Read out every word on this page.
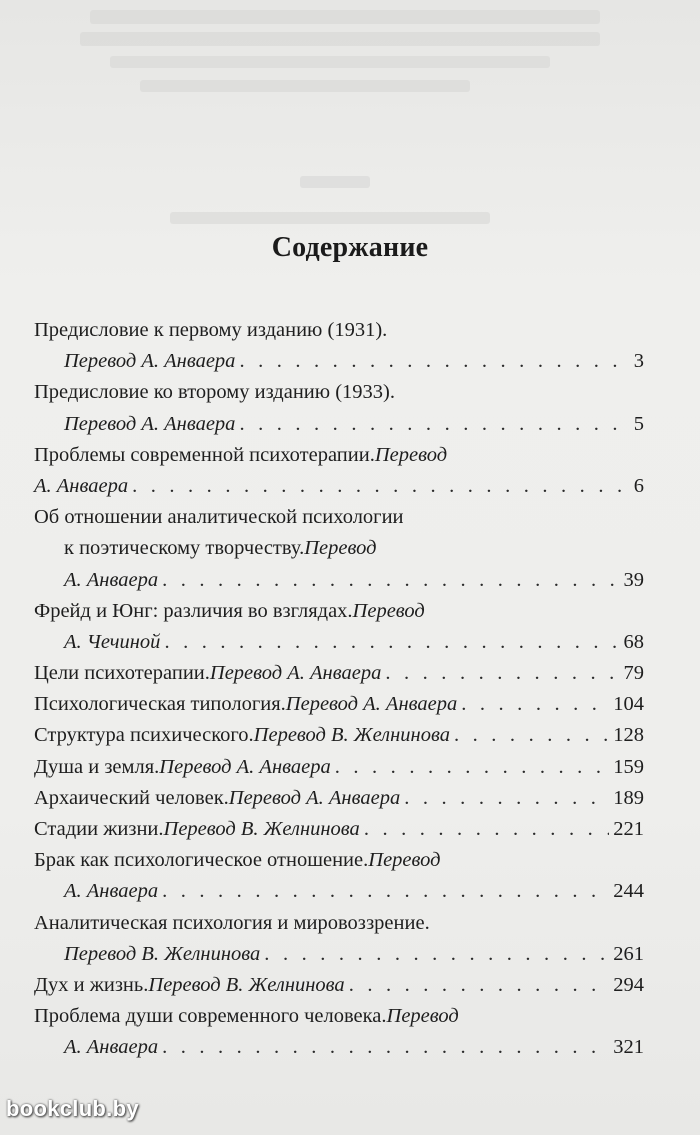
Содержание
Предисловие к первому изданию (1931).
Перевод А. Анваера . . .	3
Предисловие ко второму изданию (1933).
Перевод А. Анваера . . .	5
Проблемы современной психотерапии. Перевод
А. Анваера . . .	6
Об отношении аналитической психологии
к поэтическому творчеству. Перевод
А. Анваера . . .	39
Фрейд и Юнг: различия во взглядах. Перевод
А. Чечиной . . .	68
Цели психотерапии. Перевод А. Анваера . . .	79
Психологическая типология. Перевод А. Анваера . . .	104
Структура психического. Перевод В. Желнинова . . .	128
Душа и земля. Перевод А. Анваера . . .	159
Архаический человек. Перевод А. Анваера . . .	189
Стадии жизни. Перевод В. Желнинова . . .	221
Брак как психологическое отношение. Перевод
А. Анваера . . .	244
Аналитическая психология и мировоззрение.
Перевод В. Желнинова . . .	261
Дух и жизнь. Перевод В. Желнинова . . .	294
Проблема души современного человека. Перевод
А. Анваера . . .	321
bookclub.by
